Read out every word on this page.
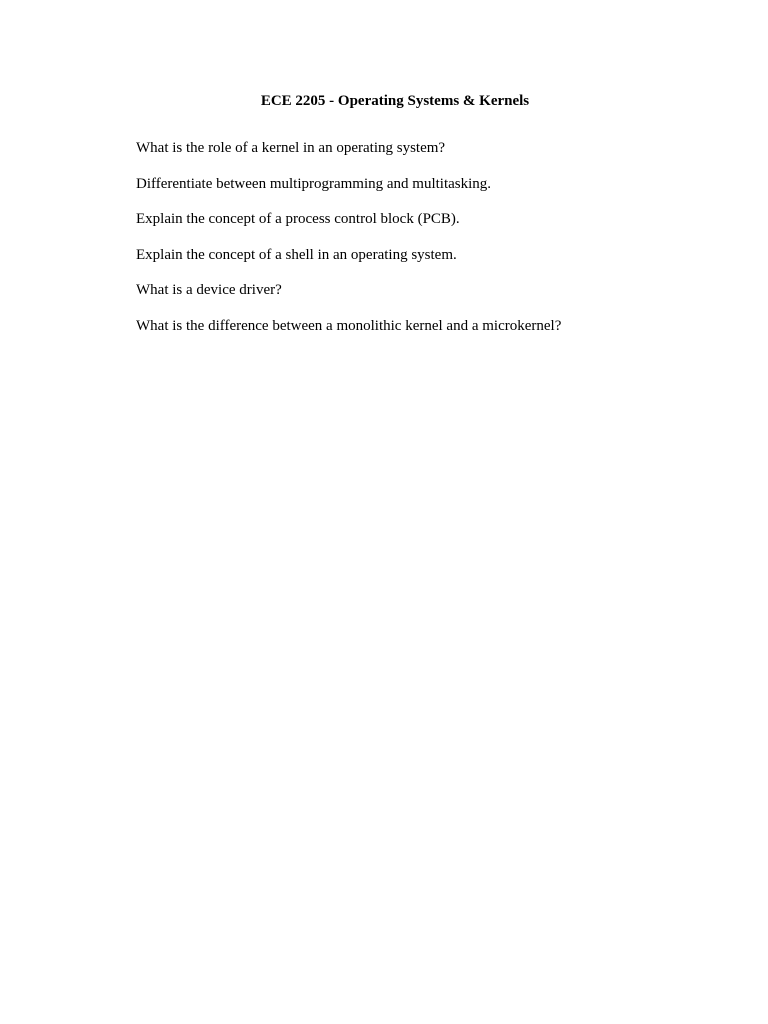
ECE 2205 - Operating Systems & Kernels
What is the role of a kernel in an operating system?
Differentiate between multiprogramming and multitasking.
Explain the concept of a process control block (PCB).
Explain the concept of a shell in an operating system.
What is a device driver?
What is the difference between a monolithic kernel and a microkernel?
